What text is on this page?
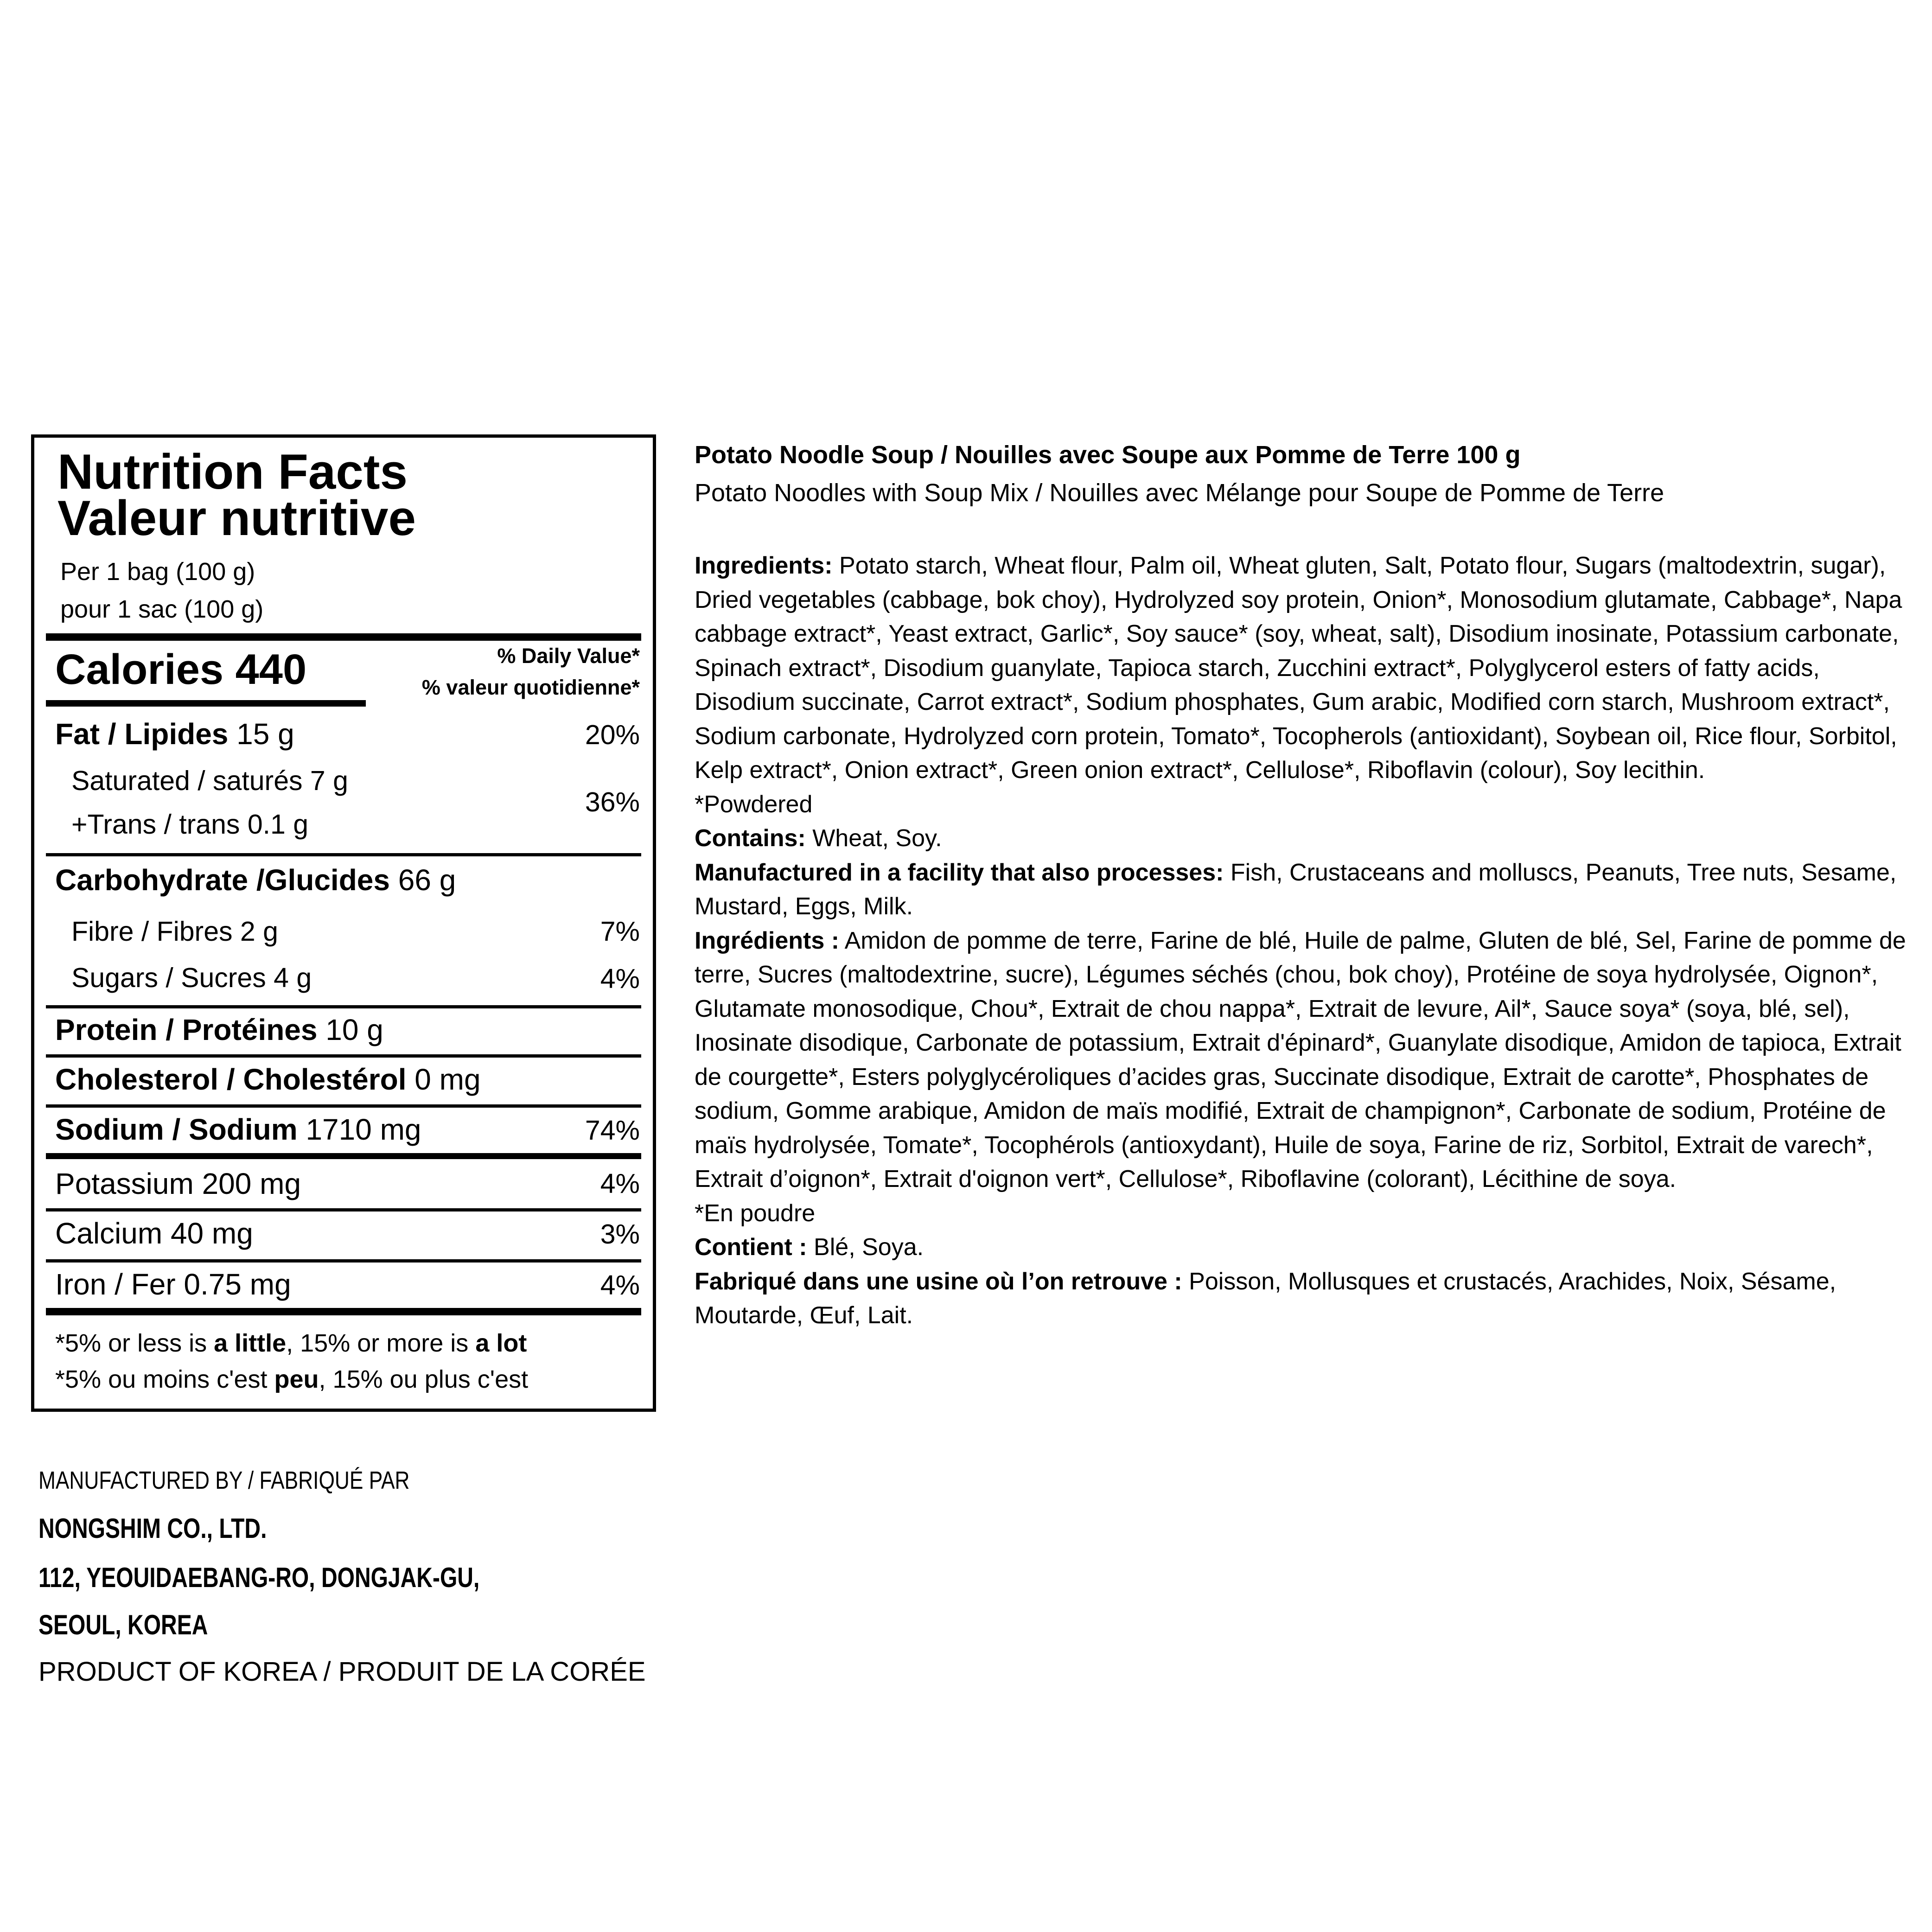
Nutrition Facts
Valeur nutritive
Per 1 bag (100 g)
pour 1 sac (100 g)
Calories 440	% Daily Value*
% valeur quotidienne*
Fat / Lipides 15 g	20%
Saturated / saturés 7 g
+Trans / trans 0.1 g
36%
Carbohydrate /Glucides 66 g
Fibre / Fibres 2 g	7%
Sugars / Sucres 4 g	4%
Protein / Protéines 10 g
Cholesterol / Cholestérol 0 mg
Sodium / Sodium 1710 mg	74%
Potassium 200 mg	4%
Calcium 40 mg	3%
Iron / Fer 0.75 mg	4%
*5% or less is a little, 15% or more is a lot
*5% ou moins c'est peu, 15% ou plus c'est
Potato Noodle Soup / Nouilles avec Soupe aux Pomme de Terre 100 g
Potato Noodles with Soup Mix / Nouilles avec Mélange pour Soupe de Pomme de Terre

Ingredients: Potato starch, Wheat flour, Palm oil, Wheat gluten, Salt, Potato flour, Sugars (maltodextrin, sugar), Dried vegetables (cabbage, bok choy), Hydrolyzed soy protein, Onion*, Monosodium glutamate, Cabbage*, Napa cabbage extract*, Yeast extract, Garlic*, Soy sauce* (soy, wheat, salt), Disodium inosinate, Potassium carbonate, Spinach extract*, Disodium guanylate, Tapioca starch, Zucchini extract*, Polyglycerol esters of fatty acids, Disodium succinate, Carrot extract*, Sodium phosphates, Gum arabic, Modified corn starch, Mushroom extract*, Sodium carbonate, Hydrolyzed corn protein, Tomato*, Tocopherols (antioxidant), Soybean oil, Rice flour, Sorbitol, Kelp extract*, Onion extract*, Green onion extract*, Cellulose*, Riboflavin (colour), Soy lecithin.

*Powdered

Contains: Wheat, Soy.

Manufactured in a facility that also processes: Fish, Crustaceans and molluscs, Peanuts, Tree nuts, Sesame, Mustard, Eggs, Milk.

Ingrédients : Amidon de pomme de terre, Farine de blé, Huile de palme, Gluten de blé, Sel, Farine de pomme de terre, Sucres (maltodextrine, sucre), Légumes séchés (chou, bok choy), Protéine de soya hydrolysée, Oignon*, Glutamate monosodique, Chou*, Extrait de chou nappa*, Extrait de levure, Ail*, Sauce soya* (soya, blé, sel), Inosinate disodique, Carbonate de potassium, Extrait d'épinard*, Guanylate disodique, Amidon de tapioca, Extrait de courgette*, Esters polyglycéroliques d’acides gras, Succinate disodique, Extrait de carotte*, Phosphates de sodium, Gomme arabique, Amidon de maïs modifié, Extrait de champignon*, Carbonate de sodium, Protéine de maïs hydrolysée, Tomate*, Tocophérols (antioxydant), Huile de soya, Farine de riz, Sorbitol, Extrait de varech*, Extrait d’oignon*, Extrait d'oignon vert*, Cellulose*, Riboflavine (colorant), Lécithine de soya.

*En poudre

Contient : Blé, Soya.

Fabriqué dans une usine où l’on retrouve : Poisson, Mollusques et crustacés, Arachides, Noix, Sésame, Moutarde, Œuf, Lait.

MANUFACTURED BY / FABRIQUÉ PAR
NONGSHIM CO., LTD.
112, YEOUIDAEBANG-RO, DONGJAK-GU,
SEOUL, KOREA
PRODUCT OF KOREA / PRODUIT DE LA CORÉE
